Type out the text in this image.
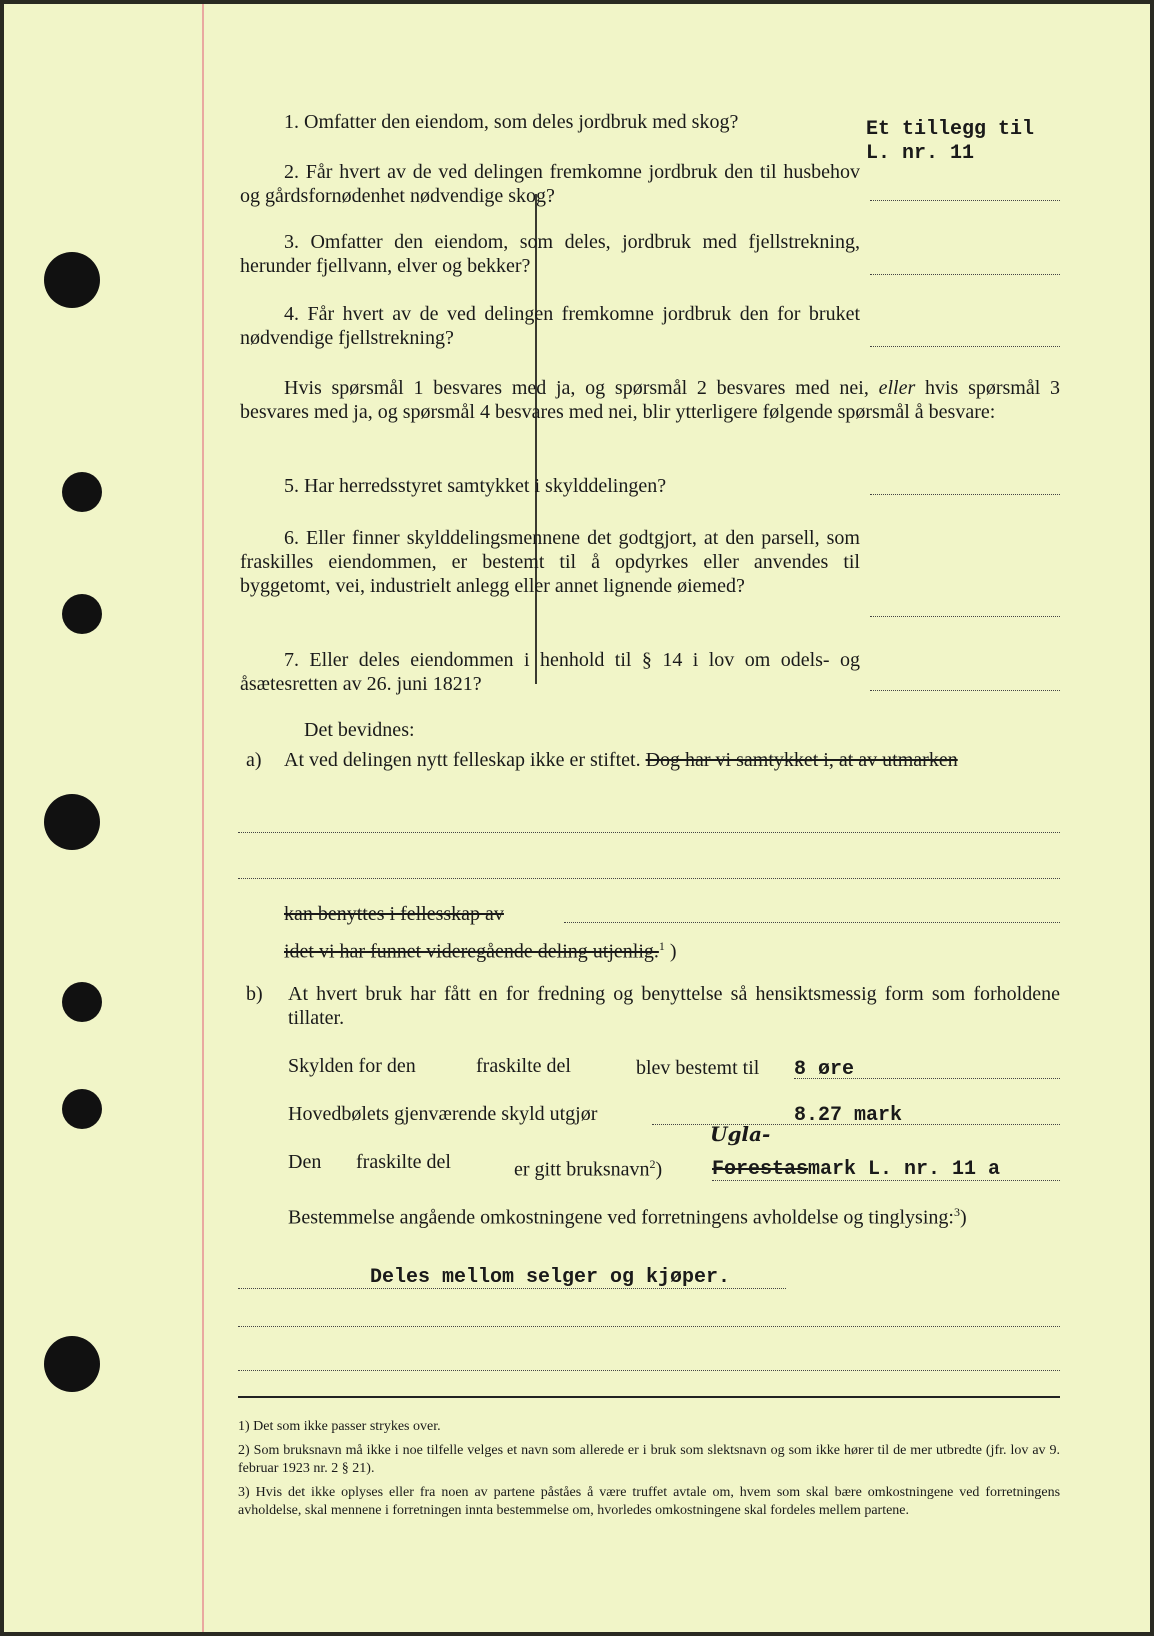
1. Omfatter den eiendom, som deles jordbruk med skog?	Et tillegg til L. nr. 11
2. Får hvert av de ved delingen fremkomne jordbruk den til husbehov og gårdsfornødenhet nødvendige skog?
3. Omfatter den eiendom, som deles, jordbruk med fjellstrekning, herunder fjellvann, elver og bekker?
4. Får hvert av de ved delingen fremkomne jordbruk den for bruket nødvendige fjellstrekning?
Hvis spørsmål 1 besvares med ja, og spørsmål 2 besvares med nei, eller hvis spørsmål 3 besvares med ja, og spørsmål 4 besvares med nei, blir ytterligere følgende spørsmål å besvare:
5. Har herredsstyret samtykket i skylddelingen?
6. Eller finner skylddelingsmennene det godtgjort, at den parsell, som fraskilles eiendommen, er bestemt til å opdyrkes eller anvendes til byggetomt, vei, industrielt anlegg eller annet lignende øiemed?
7. Eller deles eiendommen i henhold til § 14 i lov om odels- og åsætesretten av 26. juni 1821?
Det bevidnes:
a) At ved delingen nytt felleskap ikke er stiftet. Dog har vi samtykket i, at av utmarken
kan benyttes i fellesskap av
idet vi har funnet videregående deling utjenlig.$^1$ )
b) At hvert bruk har fått en for fredning og benyttelse så hensiktsmessig form som forholdene tillater.
Skylden for den	fraskilte del	blev bestemt til 8 øre
Hovedbølets gjenværende skyld utgjør	8.27 mark
Den fraskilte del	er gitt bruksnavn$^2$)
Ugla-
Forestasmark L. nr. 11 a
Bestemmelse angående omkostningene ved forretningens avholdelse og tinglysing:$^3$)
Deles mellom selger og kjøper.
1) Det som ikke passer strykes over.
2) Som bruksnavn må ikke i noe tilfelle velges et navn som allerede er i bruk som slektsnavn og som ikke hører til de mer utbredte (jfr. lov av 9. februar 1923 nr. 2 § 21).
3) Hvis det ikke oplyses eller fra noen av partene påståes å være truffet avtale om, hvem som skal bære omkostningene ved forretningens avholdelse, skal mennene i forretningen innta bestemmelse om, hvorledes omkostningene skal fordeles mellem partene.
